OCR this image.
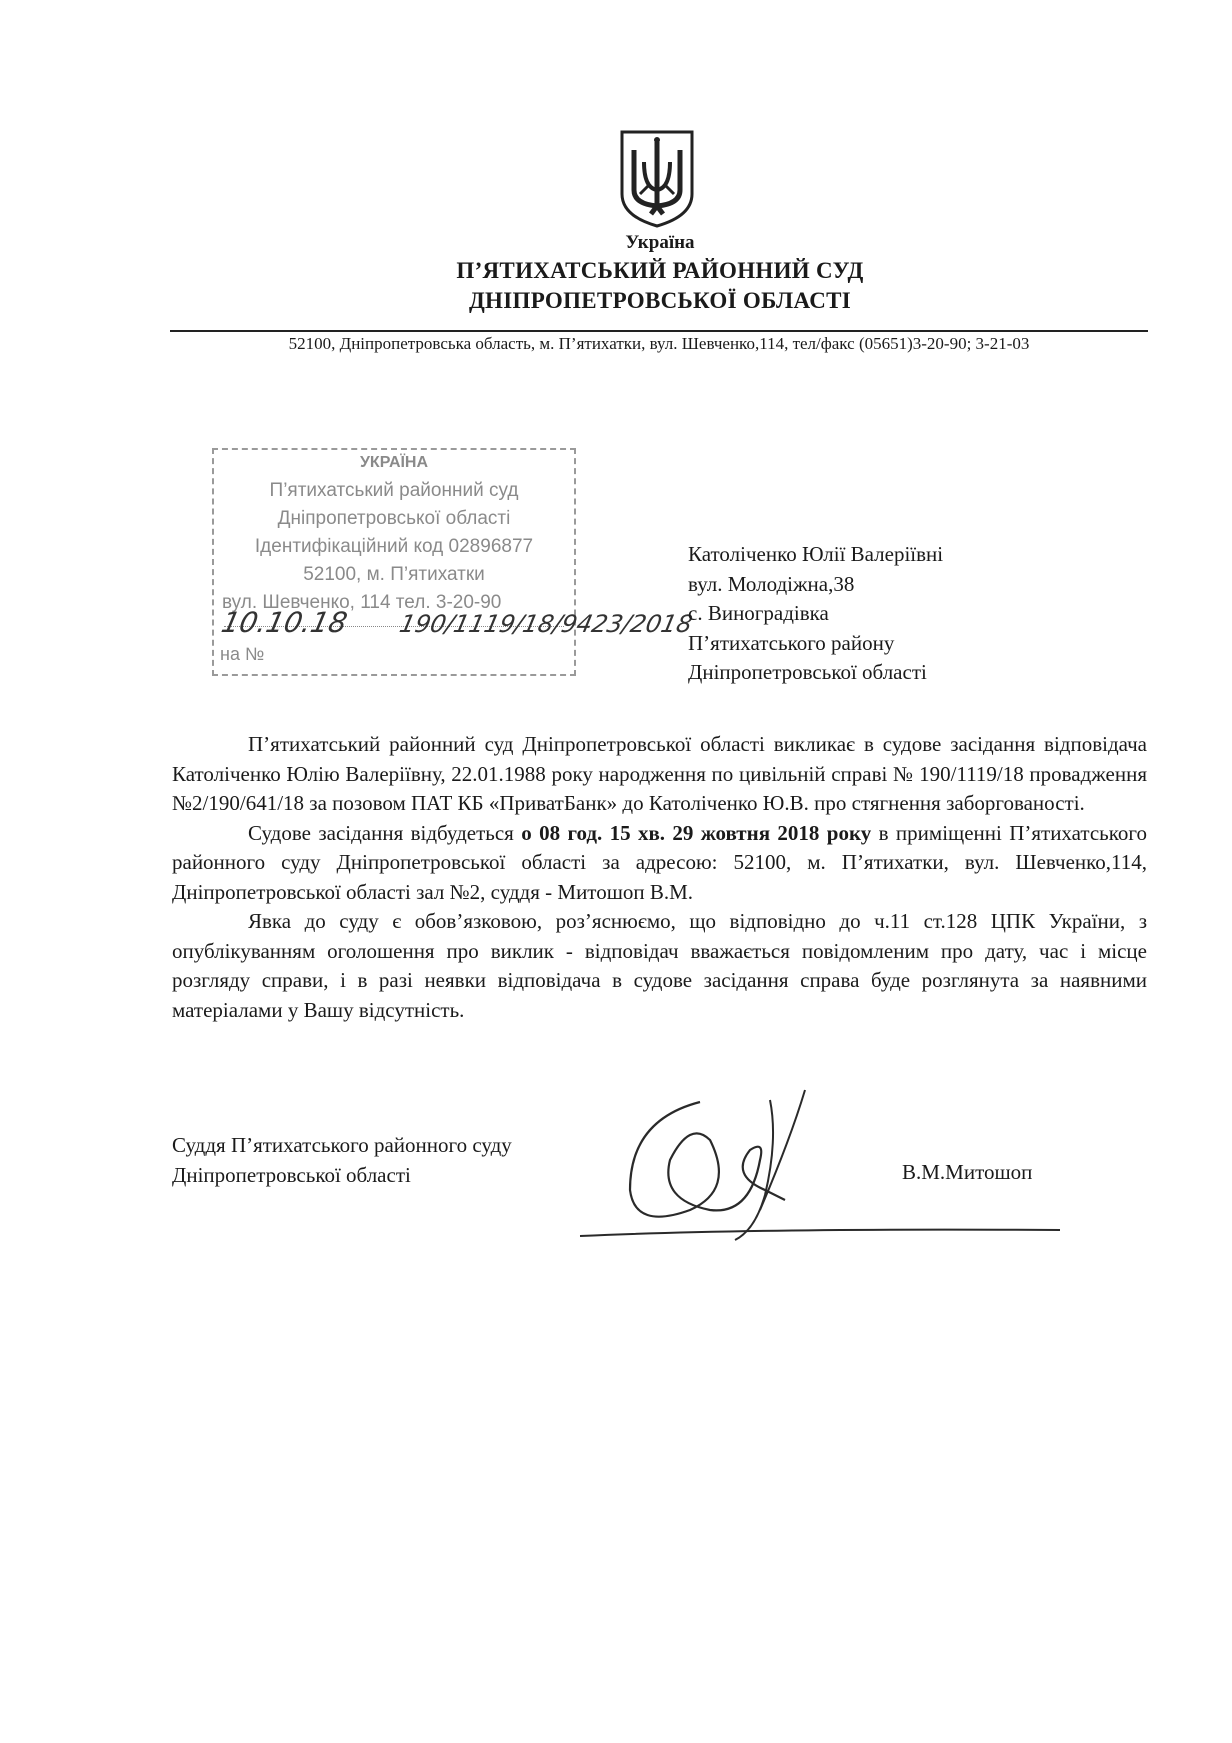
Україна
П’ЯТИХАТСЬКИЙ РАЙОННИЙ СУД
ДНІПРОПЕТРОВСЬКОЇ ОБЛАСТІ
52100, Дніпропетровська область, м. П’ятихатки, вул. Шевченко,114, тел/факс (05651)3-20-90; 3-21-03
УКРАЇНА
П’ятихатський районний суд
Дніпропетровської області
Ідентифікаційний код 02896877
52100, м. П’ятихатки
вул. Шевченко, 114 тел. 3-20-90
10.10.18 190/1119/18/9423/2018
на №
Католіченко Юлії Валеріївні
вул. Молодіжна,38
с. Виноградівка
П’ятихатського району
Дніпропетровської області

П’ятихатський районний суд Дніпропетровської області викликає в судове засідання відповідача Католіченко Юлію Валеріївну, 22.01.1988 року народження по цивільній справі № 190/1119/18 провадження №2/190/641/18 за позовом ПАТ КБ «ПриватБанк» до Католіченко Ю.В. про стягнення заборгованості.

Судове засідання відбудеться о 08 год. 15 хв. 29 жовтня 2018 року в приміщенні П’ятихатського районного суду Дніпропетровської області за адресою: 52100, м. П’ятихатки, вул. Шевченко,114, Дніпропетровської області зал №2, суддя - Митошоп В.М.

Явка до суду є обов’язковою, роз’яснюємо, що відповідно до ч.11 ст.128 ЦПК України, з опублікуванням оголошення про виклик - відповідач вважається повідомленим про дату, час і місце розгляду справи, і в разі неявки відповідача в судове засідання справа буде розглянута за наявними матеріалами у Вашу відсутність.

Суддя П’ятихатського районного суду
Дніпропетровської області	В.М.Митошоп
